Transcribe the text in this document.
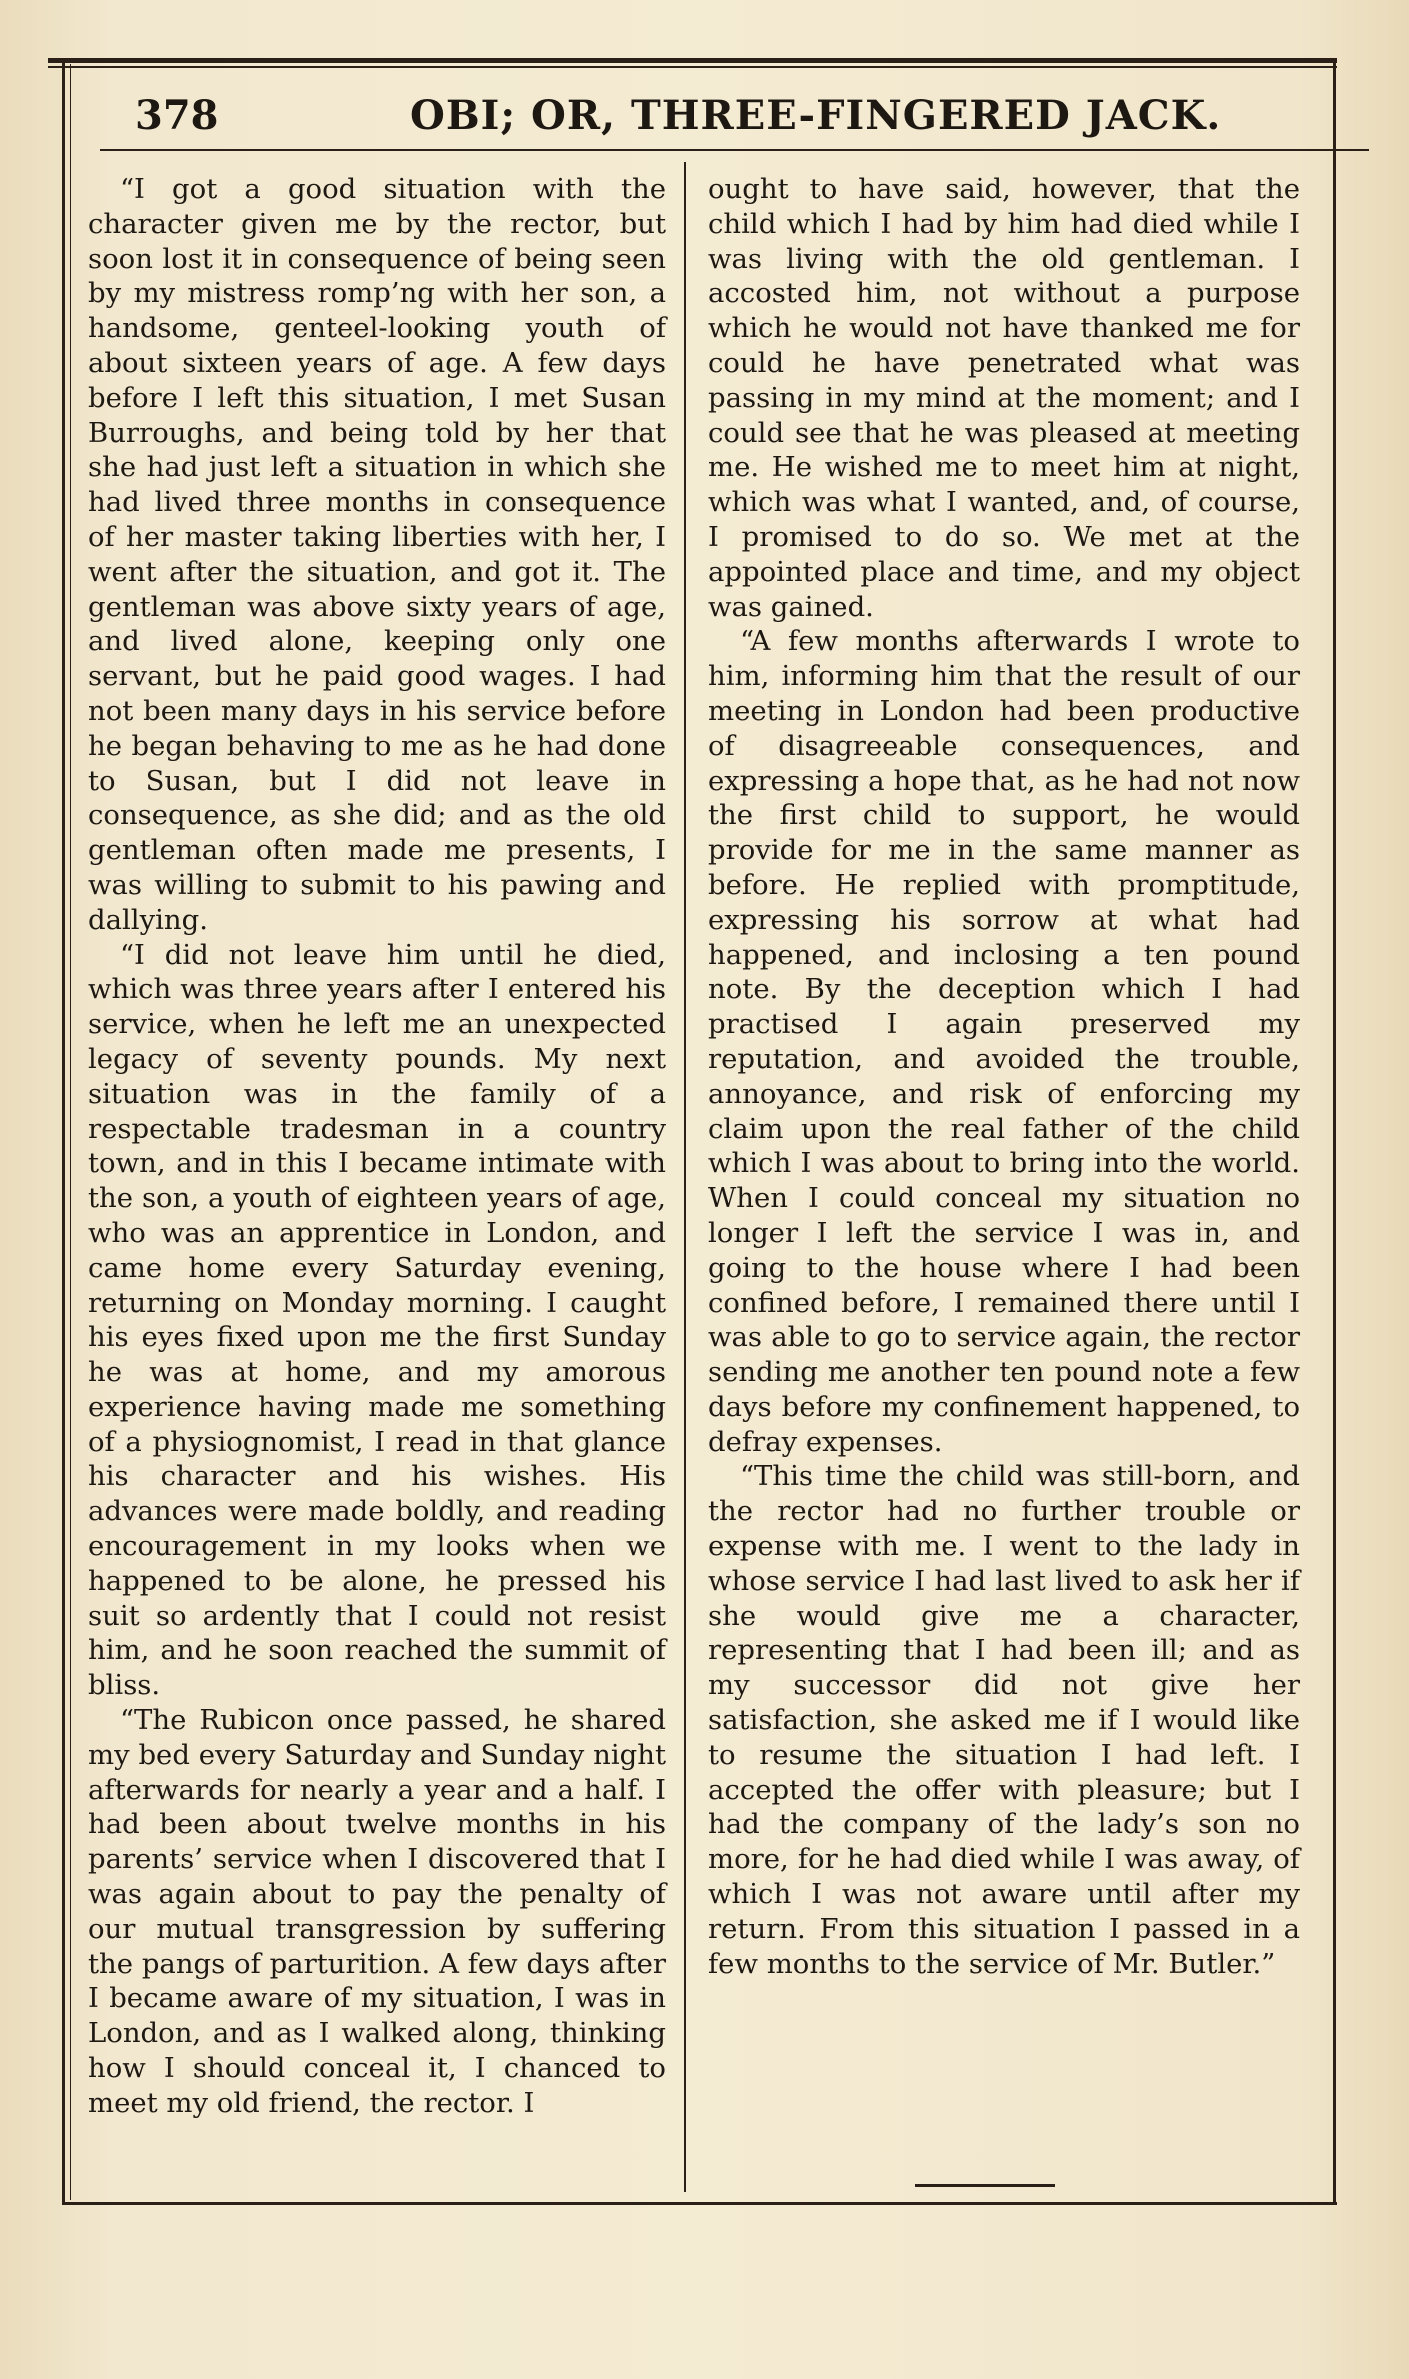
378	OBI; OR, THREE-FINGERED JACK.

“I got a good situation with the character given me by the rector, but soon lost it in consequence of being seen by my mistress romp’ng with her son, a handsome, genteel-looking youth of about sixteen years of age. A few days before I left this situation, I met Susan Burroughs, and being told by her that she had just left a situation in which she had lived three months in consequence of her master taking liberties with her, I went after the situation, and got it. The gentleman was above sixty years of age, and lived alone, keeping only one servant, but he paid good wages. I had not been many days in his service before he began behaving to me as he had done to Susan, but I did not leave in consequence, as she did; and as the old gentleman often made me presents, I was willing to submit to his pawing and dallying.

“I did not leave him until he died, which was three years after I entered his service, when he left me an unexpected legacy of seventy pounds. My next situation was in the family of a respectable tradesman in a country town, and in this I became intimate with the son, a youth of eighteen years of age, who was an apprentice in London, and came home every Saturday evening, returning on Monday morning. I caught his eyes fixed upon me the first Sunday he was at home, and my amorous experience having made me something of a physiognomist, I read in that glance his character and his wishes. His advances were made boldly, and reading encouragement in my looks when we happened to be alone, he pressed his suit so ardently that I could not resist him, and he soon reached the summit of bliss.

“The Rubicon once passed, he shared my bed every Saturday and Sunday night afterwards for nearly a year and a half. I had been about twelve months in his parents’ service when I discovered that I was again about to pay the penalty of our mutual transgression by suffering the pangs of parturition. A few days after I became aware of my situation, I was in London, and as I walked along, thinking how I should conceal it, I chanced to meet my old friend, the rector. I

ought to have said, however, that the child which I had by him had died while I was living with the old gentleman. I accosted him, not without a purpose which he would not have thanked me for could he have penetrated what was passing in my mind at the moment; and I could see that he was pleased at meeting me. He wished me to meet him at night, which was what I wanted, and, of course, I promised to do so. We met at the appointed place and time, and my object was gained.

“A few months afterwards I wrote to him, informing him that the result of our meeting in London had been productive of disagreeable consequences, and expressing a hope that, as he had not now the first child to support, he would provide for me in the same manner as before. He replied with promptitude, expressing his sorrow at what had happened, and inclosing a ten pound note. By the deception which I had practised I again preserved my reputation, and avoided the trouble, annoyance, and risk of enforcing my claim upon the real father of the child which I was about to bring into the world. When I could conceal my situation no longer I left the service I was in, and going to the house where I had been confined before, I remained there until I was able to go to service again, the rector sending me another ten pound note a few days before my confinement happened, to defray expenses.

“This time the child was still-born, and the rector had no further trouble or expense with me. I went to the lady in whose service I had last lived to ask her if she would give me a character, representing that I had been ill; and as my successor did not give her satisfaction, she asked me if I would like to resume the situation I had left. I accepted the offer with pleasure; but I had the company of the lady’s son no more, for he had died while I was away, of which I was not aware until after my return. From this situation I passed in a few months to the service of Mr. Butler.”
